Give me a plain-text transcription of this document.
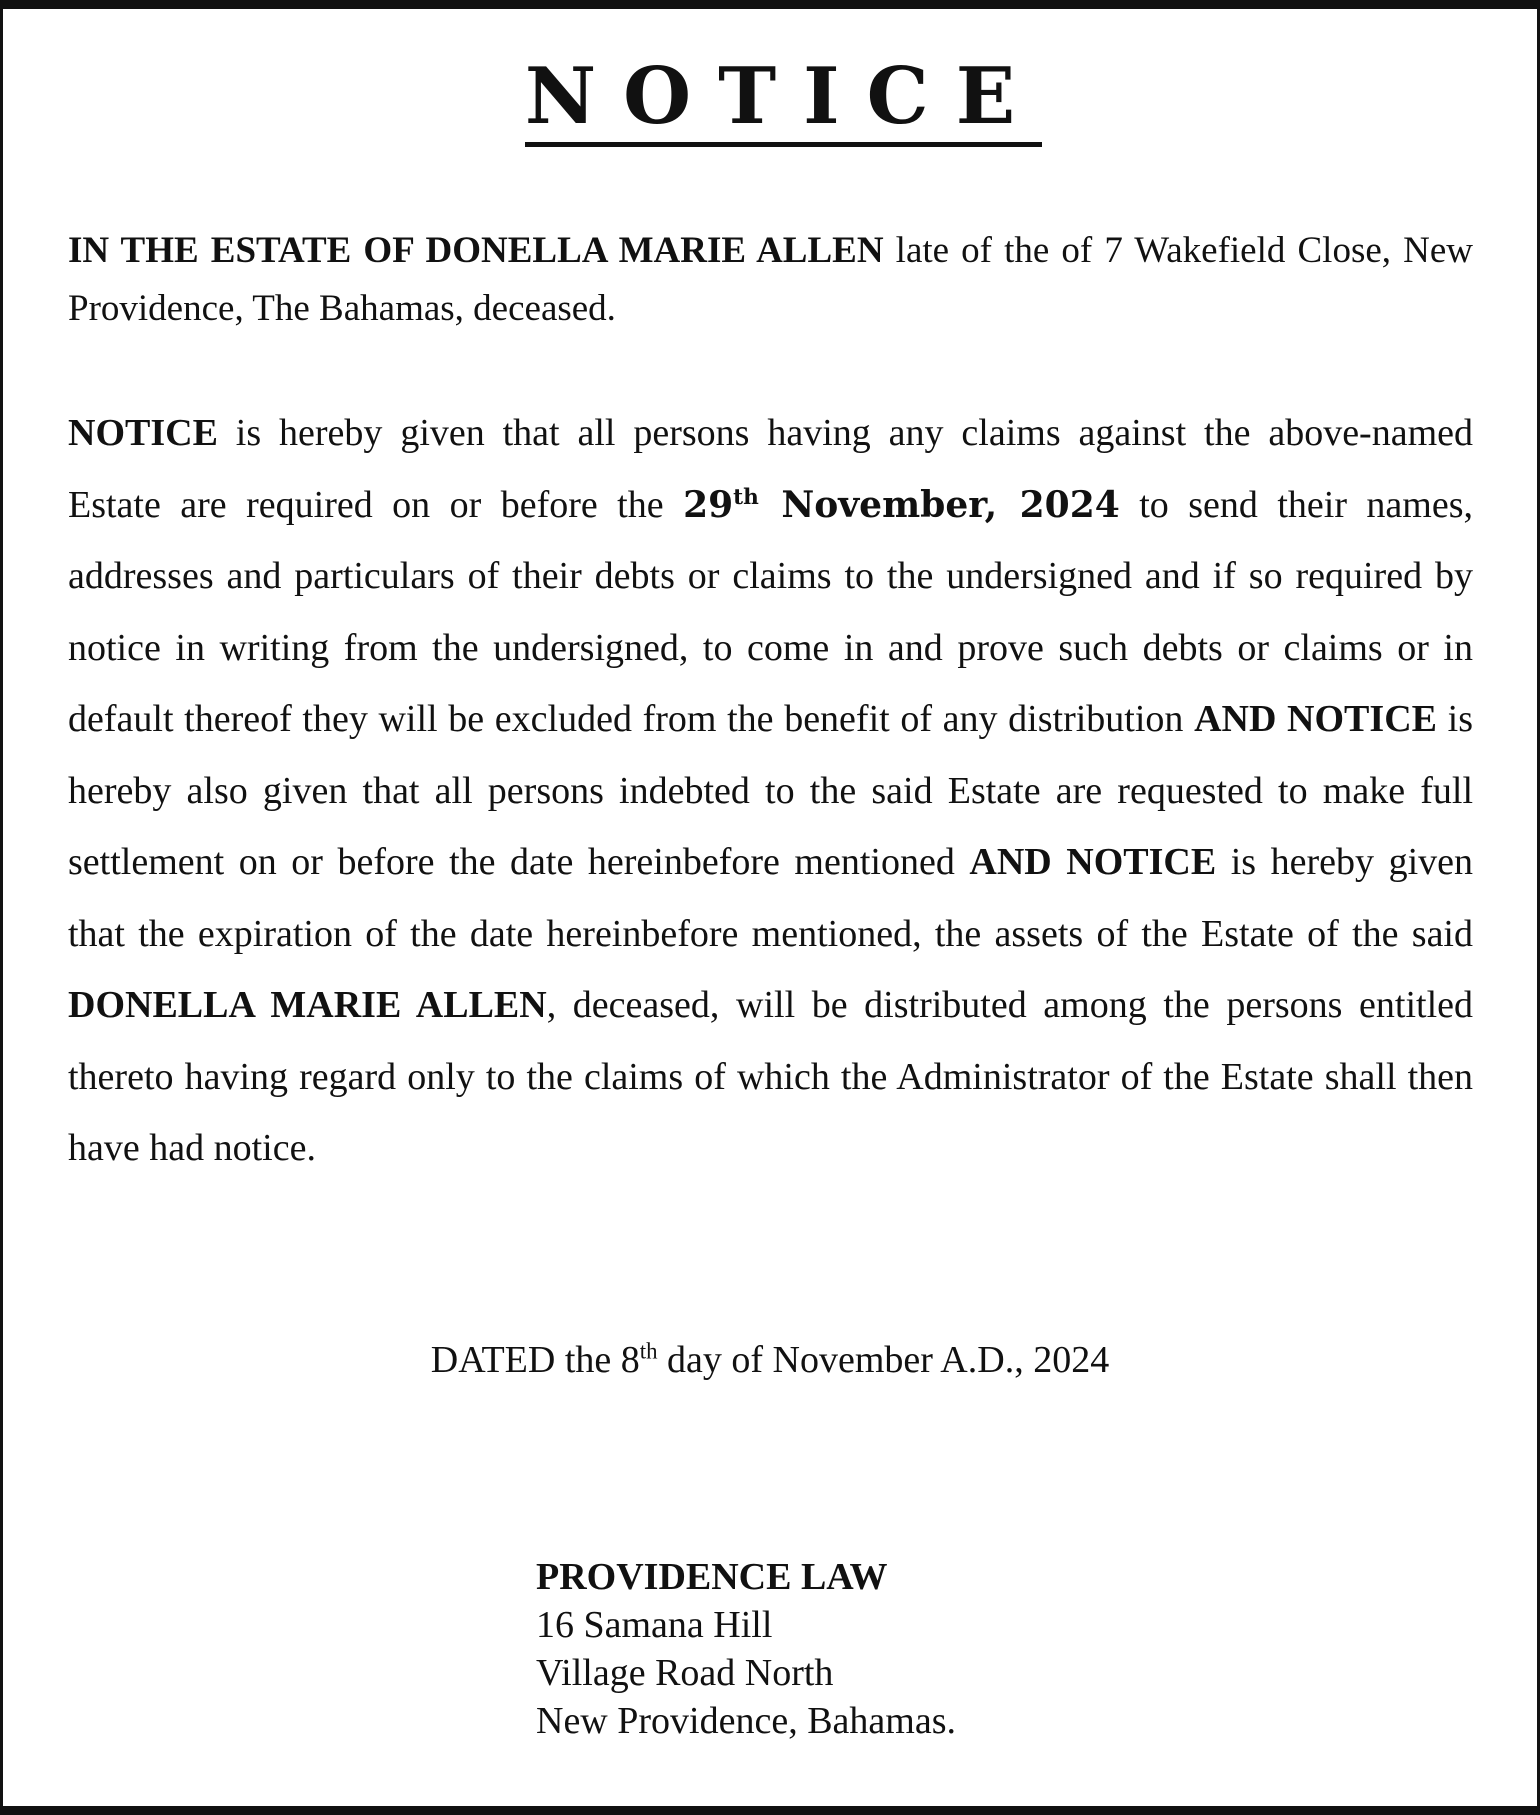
NOTICE

IN THE ESTATE OF DONELLA MARIE ALLEN late of the of 7 Wakefield Close, New Providence, The Bahamas, deceased.

NOTICE is hereby given that all persons having any claims against the above-named Estate are required on or before the 29th November, 2024 to send their names, addresses and particulars of their debts or claims to the undersigned and if so required by notice in writing from the undersigned, to come in and prove such debts or claims or in default thereof they will be excluded from the benefit of any distribution AND NOTICE is hereby also given that all persons indebted to the said Estate are requested to make full settlement on or before the date hereinbefore mentioned AND NOTICE is hereby given that the expiration of the date hereinbefore mentioned, the assets of the Estate of the said DONELLA MARIE ALLEN, deceased, will be distributed among the persons entitled thereto having regard only to the claims of which the Administrator of the Estate shall then have had notice.

DATED the 8th day of November A.D., 2024

PROVIDENCE LAW
16 Samana Hill
Village Road North
New Providence, Bahamas.
